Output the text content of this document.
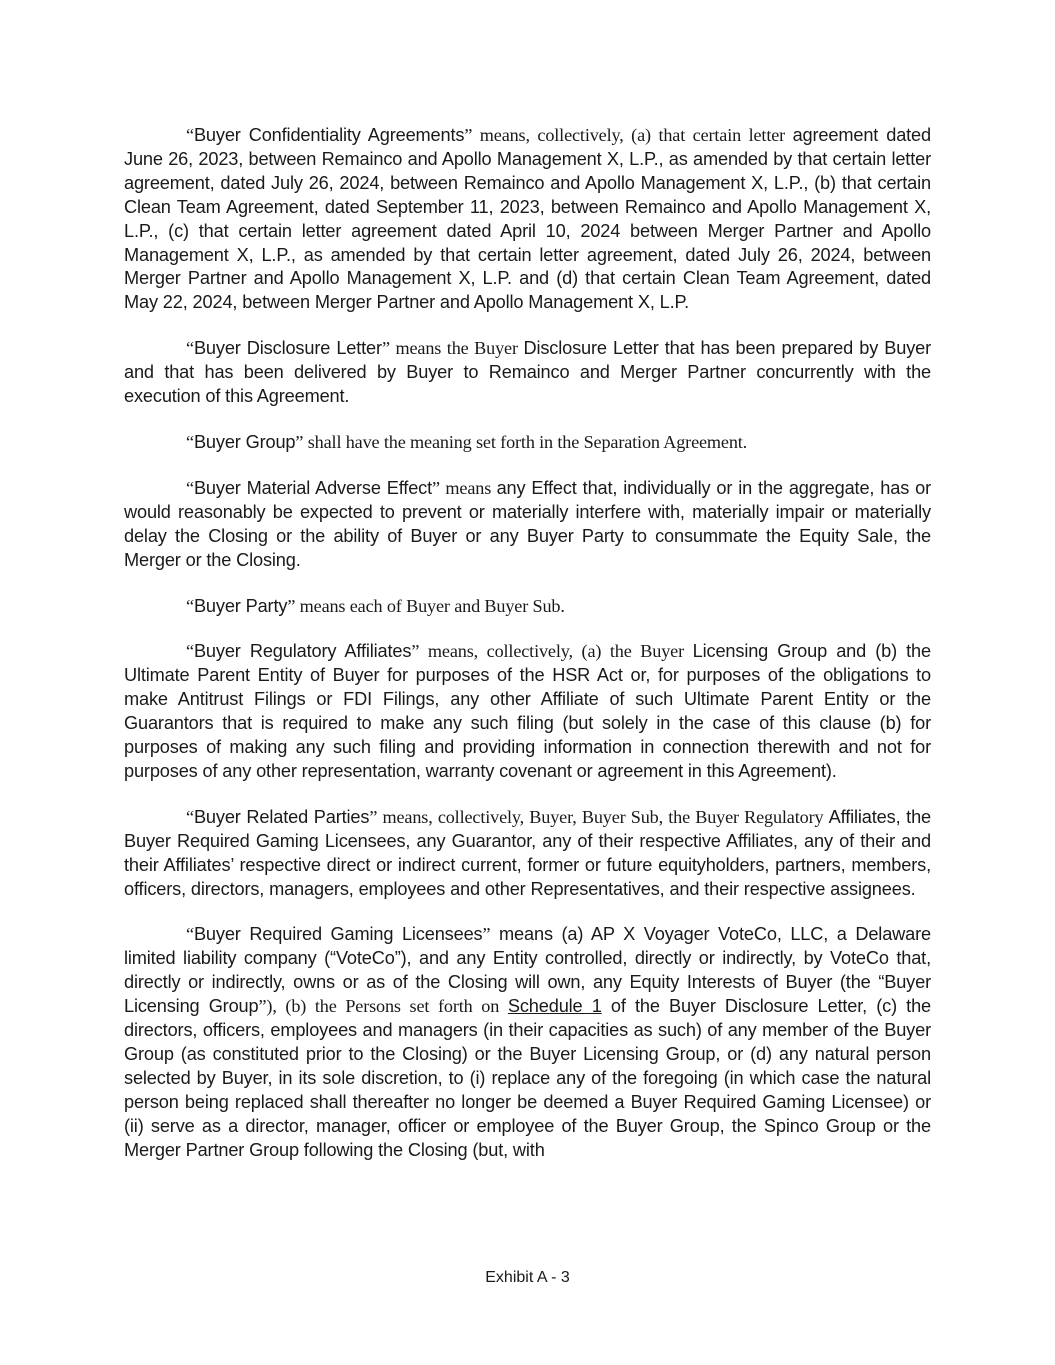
“Buyer Confidentiality Agreements” means, collectively, (a) that certain letter agreement dated June 26, 2023, between Remainco and Apollo Management X, L.P., as amended by that certain letter agreement, dated July 26, 2024, between Remainco and Apollo Management X, L.P., (b) that certain Clean Team Agreement, dated September 11, 2023, between Remainco and Apollo Management X, L.P., (c) that certain letter agreement dated April 10, 2024 between Merger Partner and Apollo Management X, L.P., as amended by that certain letter agreement, dated July 26, 2024, between Merger Partner and Apollo Management X, L.P. and (d) that certain Clean Team Agreement, dated May 22, 2024, between Merger Partner and Apollo Management X, L.P.

“Buyer Disclosure Letter” means the Buyer Disclosure Letter that has been prepared by Buyer and that has been delivered by Buyer to Remainco and Merger Partner concurrently with the execution of this Agreement.

“Buyer Group” shall have the meaning set forth in the Separation Agreement.

“Buyer Material Adverse Effect” means any Effect that, individually or in the aggregate, has or would reasonably be expected to prevent or materially interfere with, materially impair or materially delay the Closing or the ability of Buyer or any Buyer Party to consummate the Equity Sale, the Merger or the Closing.

“Buyer Party” means each of Buyer and Buyer Sub.

“Buyer Regulatory Affiliates” means, collectively, (a) the Buyer Licensing Group and (b) the Ultimate Parent Entity of Buyer for purposes of the HSR Act or, for purposes of the obligations to make Antitrust Filings or FDI Filings, any other Affiliate of such Ultimate Parent Entity or the Guarantors that is required to make any such filing (but solely in the case of this clause (b) for purposes of making any such filing and providing information in connection therewith and not for purposes of any other representation, warranty covenant or agreement in this Agreement).

“Buyer Related Parties” means, collectively, Buyer, Buyer Sub, the Buyer Regulatory Affiliates, the Buyer Required Gaming Licensees, any Guarantor, any of their respective Affiliates, any of their and their Affiliates’ respective direct or indirect current, former or future equityholders, partners, members, officers, directors, managers, employees and other Representatives, and their respective assignees.

“Buyer Required Gaming Licensees” means (a) AP X Voyager VoteCo, LLC, a Delaware limited liability company (“VoteCo”), and any Entity controlled, directly or indirectly, by VoteCo that, directly or indirectly, owns or as of the Closing will own, any Equity Interests of Buyer (the “Buyer Licensing Group”), (b) the Persons set forth on Schedule 1 of the Buyer Disclosure Letter, (c) the directors, officers, employees and managers (in their capacities as such) of any member of the Buyer Group (as constituted prior to the Closing) or the Buyer Licensing Group, or (d) any natural person selected by Buyer, in its sole discretion, to (i) replace any of the foregoing (in which case the natural person being replaced shall thereafter no longer be deemed a Buyer Required Gaming Licensee) or (ii) serve as a director, manager, officer or employee of the Buyer Group, the Spinco Group or the Merger Partner Group following the Closing (but, with

Exhibit A - 3
